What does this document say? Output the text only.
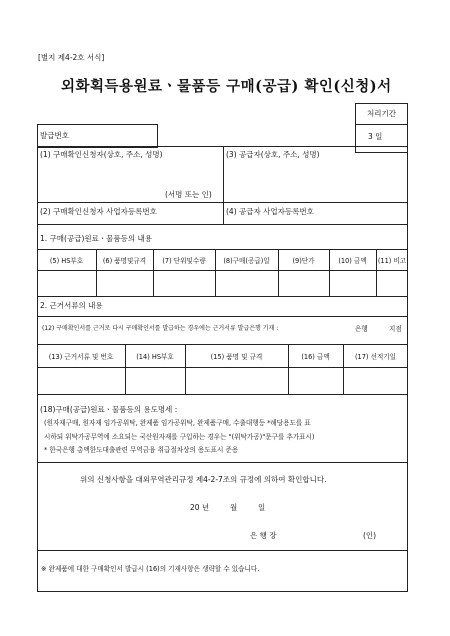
[별지 제4-2호 서식]
외화획득용원료ㆍ물품등 구매(공급) 확인(신청)서
처리기간
3 일
발급번호
(1) 구매확인신청자(상호, 주소, 성명)	(3) 공급자(상호, 주소, 성명)
(서명 또는 인)
(2) 구매확인신청자 사업자등록번호	(4) 공급자 사업자등록번호
1. 구매(공급)원료ㆍ물품등의 내용
(5) HS부호	(6) 품명및규격	(7) 단위및수량	(8)구매(공급)일	(9)단가	(10) 금액	(11) 비고
2. 근거서류의 내용
(12) 구매확인서를 근거로 다시 구매확인서를 발급하는 경우에는 근거서류 발급은행 기재 :	은행	지점
(13) 근거서류 및 번호	(14) HS부호	(15) 품명 및 규격	(16) 금액	(17) 선적기일
(18)구매(공급)원료ㆍ물품등의 용도명세 :
(원자재구매, 원자재 임가공위탁, 완제품 임가공위탁, 완제품구매, 수출대행등 *해당용도를 표
시하되 위탁가공무역에 소요되는 국산원자재를 구입하는 경우는 "(위탁가공)"문구를 추가표시)
* 한국은행 총액한도대출관련 무역금융 취급절차상의 용도표시 준용
위의 신청사항을 대외무역관리규정 제4-2-7조의 규정에 의하여 확인합니다.
20 년	월	일
은 행 장	(인)
※ 완제품에 대한 구매확인서 발급시 (16)의 기재사항은 생략할 수 있습니다.
